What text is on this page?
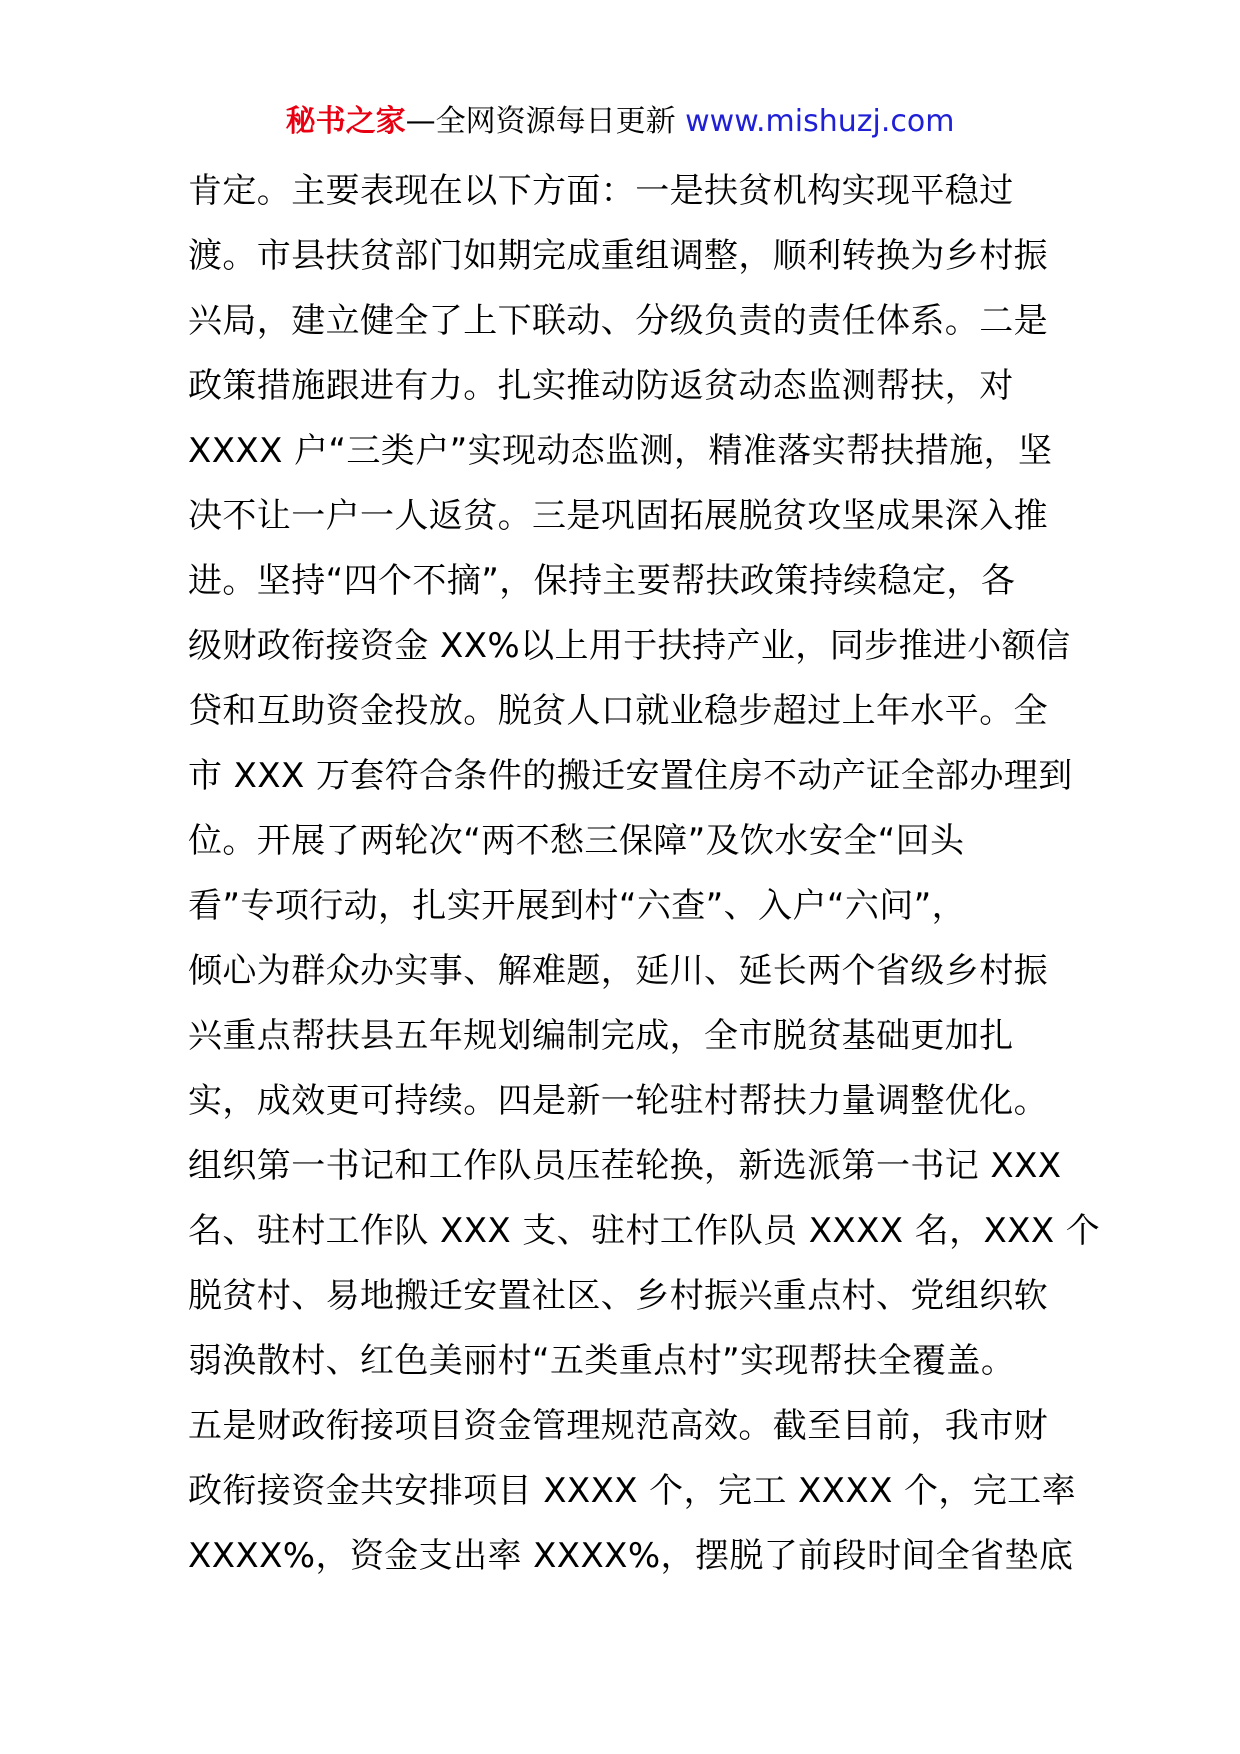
秘书之家—全网资源每日更新 www.mishuzj.com
肯定。主要表现在以下方面：一是扶贫机构实现平稳过
渡。市县扶贫部门如期完成重组调整，顺利转换为乡村振
兴局，建立健全了上下联动、分级负责的责任体系。二是
政策措施跟进有力。扎实推动防返贫动态监测帮扶，对
XXXX 户“三类户”实现动态监测，精准落实帮扶措施，坚
决不让一户一人返贫。三是巩固拓展脱贫攻坚成果深入推
进。坚持“四个不摘”，保持主要帮扶政策持续稳定，各
级财政衔接资金 XX%以上用于扶持产业，同步推进小额信
贷和互助资金投放。脱贫人口就业稳步超过上年水平。全
市 XXX 万套符合条件的搬迁安置住房不动产证全部办理到
位。开展了两轮次“两不愁三保障”及饮水安全“回头
看”专项行动，扎实开展到村“六查”、入户“六问”，
倾心为群众办实事、解难题，延川、延长两个省级乡村振
兴重点帮扶县五年规划编制完成，全市脱贫基础更加扎
实，成效更可持续。四是新一轮驻村帮扶力量调整优化。
组织第一书记和工作队员压茬轮换，新选派第一书记 XXX
名、驻村工作队 XXX 支、驻村工作队员 XXXX 名，XXX 个
脱贫村、易地搬迁安置社区、乡村振兴重点村、党组织软
弱涣散村、红色美丽村“五类重点村”实现帮扶全覆盖。
五是财政衔接项目资金管理规范高效。截至目前，我市财
政衔接资金共安排项目 XXXX 个，完工 XXXX 个，完工率
XXXX%，资金支出率 XXXX%，摆脱了前段时间全省垫底
